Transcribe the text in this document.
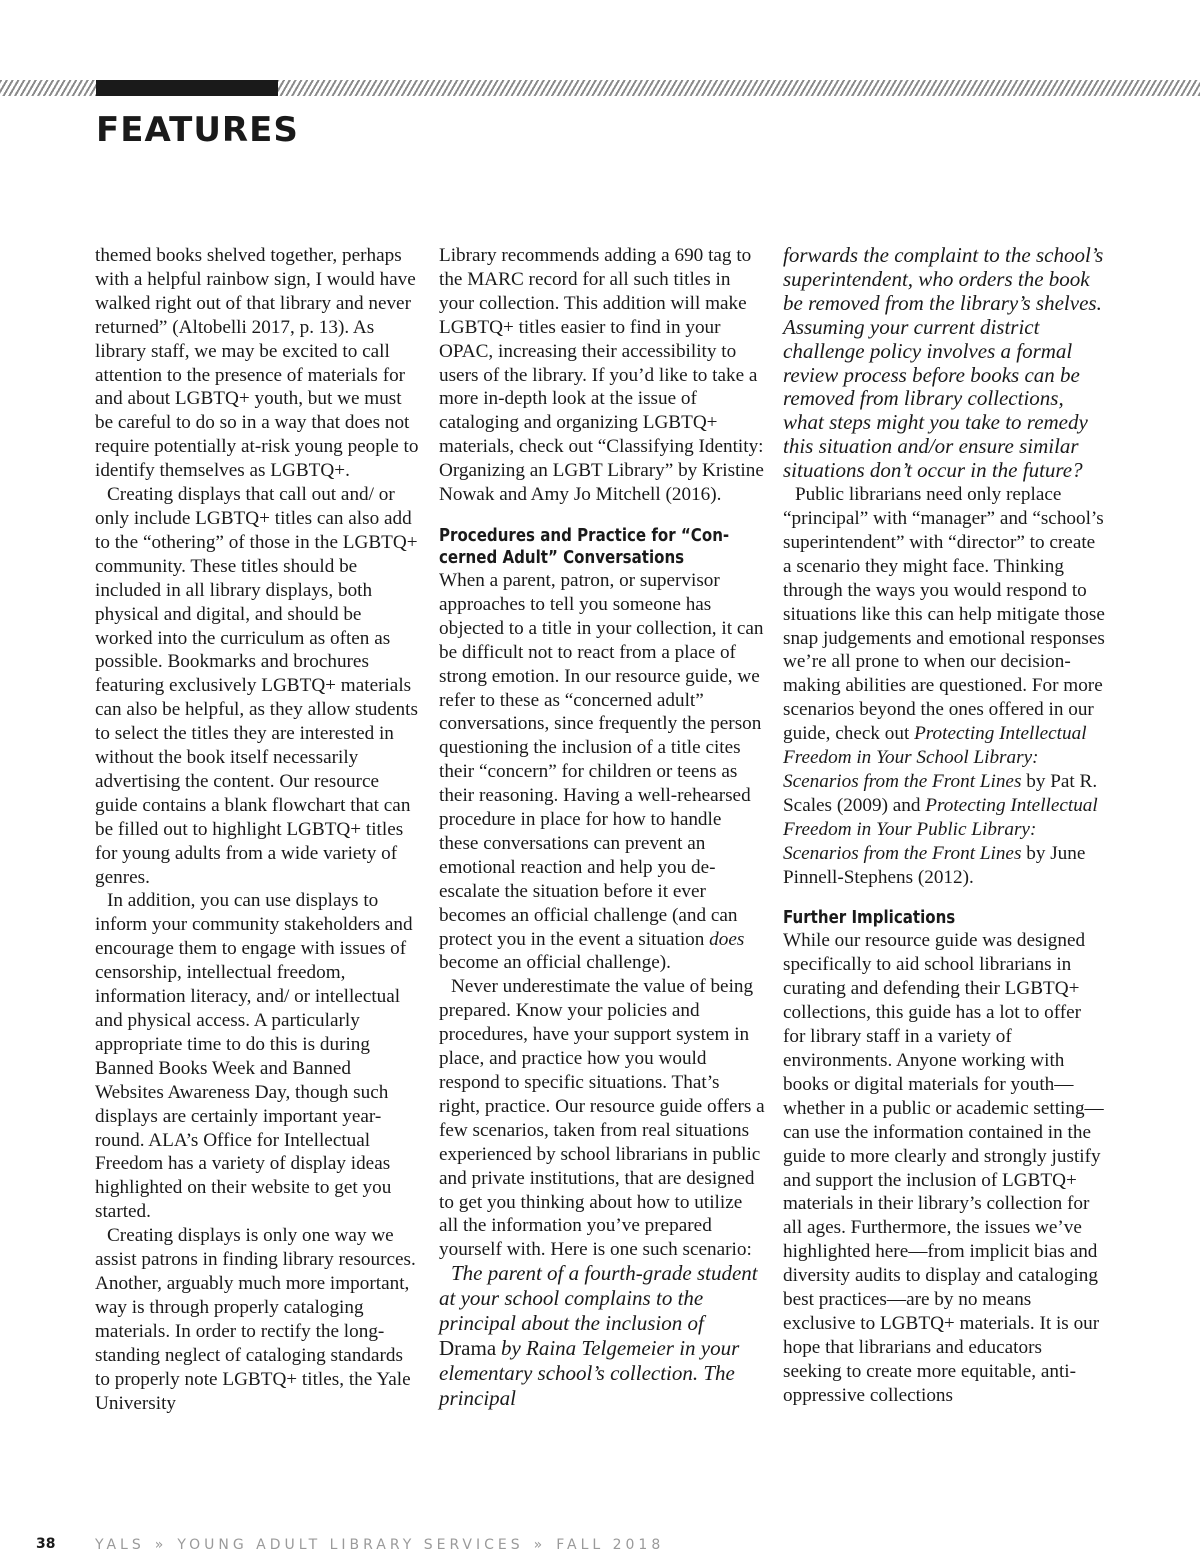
FEATURES

themed books shelved together, perhaps with a helpful rainbow sign, I would have walked right out of that library and never returned” (Altobelli 2017, p. 13). As library staff, we may be excited to call attention to the presence of materials for and about LGBTQ+ youth, but we must be careful to do so in a way that does not require potentially at-risk young people to identify themselves as LGBTQ+.

Creating displays that call out and/ or only include LGBTQ+ titles can also add to the “othering” of those in the LGBTQ+ community. These titles should be included in all library displays, both physical and digital, and should be worked into the curriculum as often as possible. Bookmarks and brochures featuring exclusively LGBTQ+ materials can also be helpful, as they allow students to select the titles they are interested in without the book itself necessarily advertising the content. Our resource guide contains a blank flowchart that can be filled out to highlight LGBTQ+ titles for young adults from a wide variety of genres.

In addition, you can use displays to inform your community stakeholders and encourage them to engage with issues of censorship, intellectual freedom, information literacy, and/ or intellectual and physical access. A particularly appropriate time to do this is during Banned Books Week and Banned Websites Awareness Day, though such displays are certainly important year-round. ALA’s Office for Intellectual Freedom has a variety of display ideas highlighted on their website to get you started.

Creating displays is only one way we assist patrons in finding library resources. Another, arguably much more important, way is through properly cataloging materials. In order to rectify the long-standing neglect of cataloging standards to properly note LGBTQ+ titles, the Yale University

Library recommends adding a 690 tag to the MARC record for all such titles in your collection. This addition will make LGBTQ+ titles easier to find in your OPAC, increasing their accessibility to users of the library. If you’d like to take a more in-depth look at the issue of cataloging and organizing LGBTQ+ materials, check out “Classifying Identity: Organizing an LGBT Library” by Kristine Nowak and Amy Jo Mitchell (2016).

Procedures and Practice for “Con-
cerned Adult” Conversations

When a parent, patron, or supervisor approaches to tell you someone has objected to a title in your collection, it can be difficult not to react from a place of strong emotion. In our resource guide, we refer to these as “concerned adult” conversations, since frequently the person questioning the inclusion of a title cites their “concern” for children or teens as their reasoning. Having a well-rehearsed procedure in place for how to handle these conversations can prevent an emotional reaction and help you de-escalate the situation before it ever becomes an official challenge (and can protect you in the event a situation does become an official challenge).

Never underestimate the value of being prepared. Know your policies and procedures, have your support system in place, and practice how you would respond to specific situations. That’s right, practice. Our resource guide offers a few scenarios, taken from real situations experienced by school librarians in public and private institutions, that are designed to get you thinking about how to utilize all the information you’ve prepared yourself with. Here is one such scenario:

The parent of a fourth-grade student at your school complains to the principal about the inclusion of Drama by Raina Telgemeier in your elementary school’s collection. The principal

forwards the complaint to the school’s superintendent, who orders the book be removed from the library’s shelves. Assuming your current district challenge policy involves a formal review process before books can be removed from library collections, what steps might you take to remedy this situation and/or ensure similar situations don’t occur in the future?

Public librarians need only replace “principal” with “manager” and “school’s superintendent” with “director” to create a scenario they might face. Thinking through the ways you would respond to situations like this can help mitigate those snap judgements and emotional responses we’re all prone to when our decision-making abilities are questioned. For more scenarios beyond the ones offered in our guide, check out Protecting Intellectual Freedom in Your School Library: Scenarios from the Front Lines by Pat R. Scales (2009) and Protecting Intellectual Freedom in Your Public Library: Scenarios from the Front Lines by June Pinnell-Stephens (2012).

Further Implications

While our resource guide was designed specifically to aid school librarians in curating and defending their LGBTQ+ collections, this guide has a lot to offer for library staff in a variety of environments. Anyone working with books or digital materials for youth—whether in a public or academic setting—can use the information contained in the guide to more clearly and strongly justify and support the inclusion of LGBTQ+ materials in their library’s collection for all ages. Furthermore, the issues we’ve highlighted here—from implicit bias and diversity audits to display and cataloging best practices—are by no means exclusive to LGBTQ+ materials. It is our hope that librarians and educators seeking to create more equitable, anti-oppressive collections

38	YALS » YOUNG ADULT LIBRARY SERVICES » FALL 2018
